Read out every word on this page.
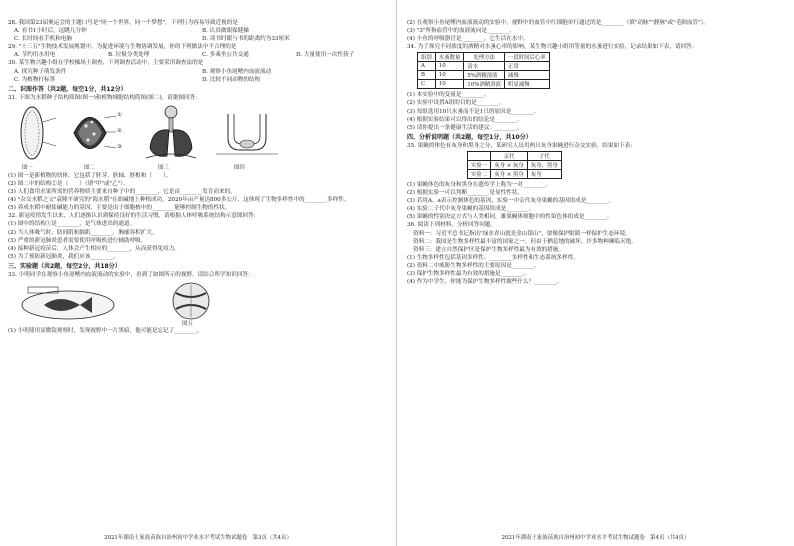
28. 我国第23届奥运会的主题口号是"同一个世界，同一个梦想"。下列行为容易导致近视的是

A. 看书1小时后，远眺几分钟	B. 认真做眼保健操
C. 长时间看手机和电脑	D. 读书时眼与书的距离约为33厘米

29. "十三五"生物技术发展规划中，为促进环境与生物协调发展，你的下列做法中不合理的是

A. 节约用水用电	B. 垃圾分类处理	C. 多乘坐公共交通	D. 大量使用一次性筷子

30. 某生物兴趣小组在学校操场上调查，下列调查活动中，主要采用调查法的是

A. 探究种子萌发条件	B. 观察小鱼尾鳍内血液流动
C. 为植物打标签	D. 比较不同动物的结构

二、识图作答（共2题，每空1分，共12分）

31. 下图为水稻种子结构简图(图一)和植物细胞结构简图(图二)，请据图回答：

图一
①
②
③
图二	图三	图四

(1) 图一是新植物的幼体，它包括了胚芽、胚轴、胚根和（　　）。

(2) 图二中的结构②是（　　）（填"甲"或"乙"）。

(3) 人们食用水果所需的营养物质主要来自种子中的________，它是由________发育而来的。

(4) "杂交水稻之父"袁隆平研究的"海水稻"在盐碱地上种植成功，2020年亩产量达800多公斤，这体现了生物多样性中的________多样性。

(5) 养成水稻中耐盐碱能力的基因，主要是由于细胞核中的________能够控制生物的性状。

32. 新冠疫情发生以来，人们逐渐认识到保持良好的生活习惯，请根据人体呼吸系统结构示意图回答：

(1) 图中的结构①是________，是气体进出的通道。

(2) 当人体吸气时，肋间肌和膈肌________，胸廓容积扩大。

(3) 严重的新冠肺炎患者需要使用呼吸机进行辅助呼吸。

(4) 接种新冠疫苗后，人体会产生相应的________，从而获得免疫力。

(5) 为了预防新冠肺炎，我们应该________。

三、实验题（共2题，每空2分，共18分）

33. 小明同学在观察小鱼尾鳍内血液流动的实验中，看到了如图所示的视野，请结合所学知识回答：

图五

(1) 小明使用显微镜观察时，发现视野中一片黑暗，他可能是忘记了________。

2021年湖南土家族苗族自治州初中学业水平考试生物试题卷　第3页（共4页）

(2) 在观察小鱼尾鳍内血液流动的实验中，视野中的血管中红细胞单行通过的是________（填"动脉""静脉"或"毛细血管"）。

(3) "3"所指血管中的血液流向是________。

(4) 小鱼的呼吸器官是________，它生活在水中。

34. 为了探究不同浓度的酒精对水蚤心率的影响，某生物兴趣小组用等量的水蚤进行实验，记录结果如下表，请回答：

组别	水蚤数量	处理方法	一段时间后心率
A	10	清水	正常
B	10	5%酒精溶液	减慢
C	10	10%酒精溶液	明显减慢

(1) 本实验中的变量是________。

(2) 实验中设置A组的目的是________。

(3) 每组选用10只水蚤而不是1只的原因是________。

(4) 根据实验结果可以得出的结论是________。

(5) 请你提出一条健康生活的建议：________。

四、分析说明题（共2题，每空1分，共10分）

35. 果蝇的体色有灰身和黑身之分，某研究人员用两只灰身果蝇进行杂交实验，结果如下表：

	亲代	子代
实验一	灰身 × 灰身	灰身、黑身
实验二	灰身 × 黑身	灰身

(1) 果蝇体色的灰身和黑身在遗传学上称为一对________。

(2) 根据实验一可以判断________是显性性状。

(3) 若用A、a表示控制体色的基因，实验一中亲代灰身果蝇的基因组成是________。

(4) 实验二子代中灰身果蝇的基因组成是________。

(5) 果蝇的性别决定方式与人类相同，雄果蝇体细胞中的性染色体组成是________。

36. 阅读下列材料，分析回答问题。

资料一：习近平总书记指出"绿水青山就是金山银山"，要像保护眼睛一样保护生态环境。

资料二：我国是生物多样性最丰富的国家之一，但由于栖息地的破坏，许多物种濒临灭绝。

资料三：建立自然保护区是保护生物多样性最为有效的措施。

(1) 生物多样性包括基因多样性、________多样性和生态系统多样性。

(2) 资料二中威胁生物多样性的主要原因是________。

(3) 保护生物多样性最为有效的措施是________。

(4) 作为中学生，你能为保护生物多样性做些什么？________。

2021年湖南土家族苗族自治州初中学业水平考试生物试题卷　第4页（共4页）
